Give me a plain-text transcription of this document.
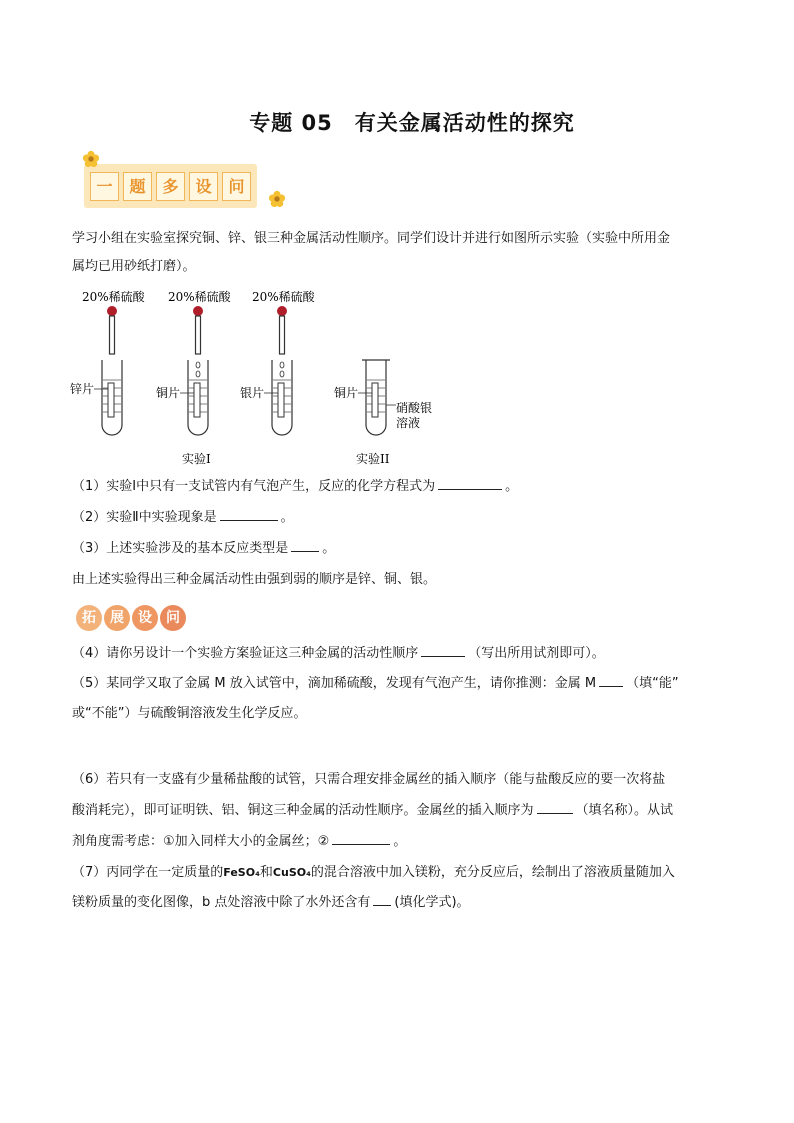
专题 05　有关金属活动性的探究
一	题	多	设	问
学习小组在实验室探究铜、锌、银三种金属活动性顺序。同学们设计并进行如图所示实验（实验中所用金
属均已用砂纸打磨）。
20%稀硫酸 20%稀硫酸 20%稀硫酸
锌片	铜片	银片	铜片
硝酸银
溶液
实验I	实验II
（1）实验Ⅰ中只有一支试管内有气泡产生，反应的化学方程式为	。
（2）实验Ⅱ中实验现象是	。
（3）上述实验涉及的基本反应类型是	。
由上述实验得出三种金属活动性由强到弱的顺序是锌、铜、银。
拓	展	设	问
（4）请你另设计一个实验方案验证这三种金属的活动性顺序	（写出所用试剂即可）。
（5）某同学又取了金属 M 放入试管中，滴加稀硫酸，发现有气泡产生，请你推测：金属 M （填“能”
或“不能”）与硫酸铜溶液发生化学反应。
（6）若只有一支盛有少量稀盐酸的试管，只需合理安排金属丝的插入顺序（能与盐酸反应的要一次将盐
酸消耗完），即可证明铁、铝、铜这三种金属的活动性顺序。金属丝的插入顺序为	（填名称）。从试
剂角度需考虑：①加入同样大小的金属丝；②	。
（7）丙同学在一定质量的FeSO₄和CuSO₄的混合溶液中加入镁粉，充分反应后，绘制出了溶液质量随加入
镁粉质量的变化图像，b 点处溶液中除了水外还含有 (填化学式)。
